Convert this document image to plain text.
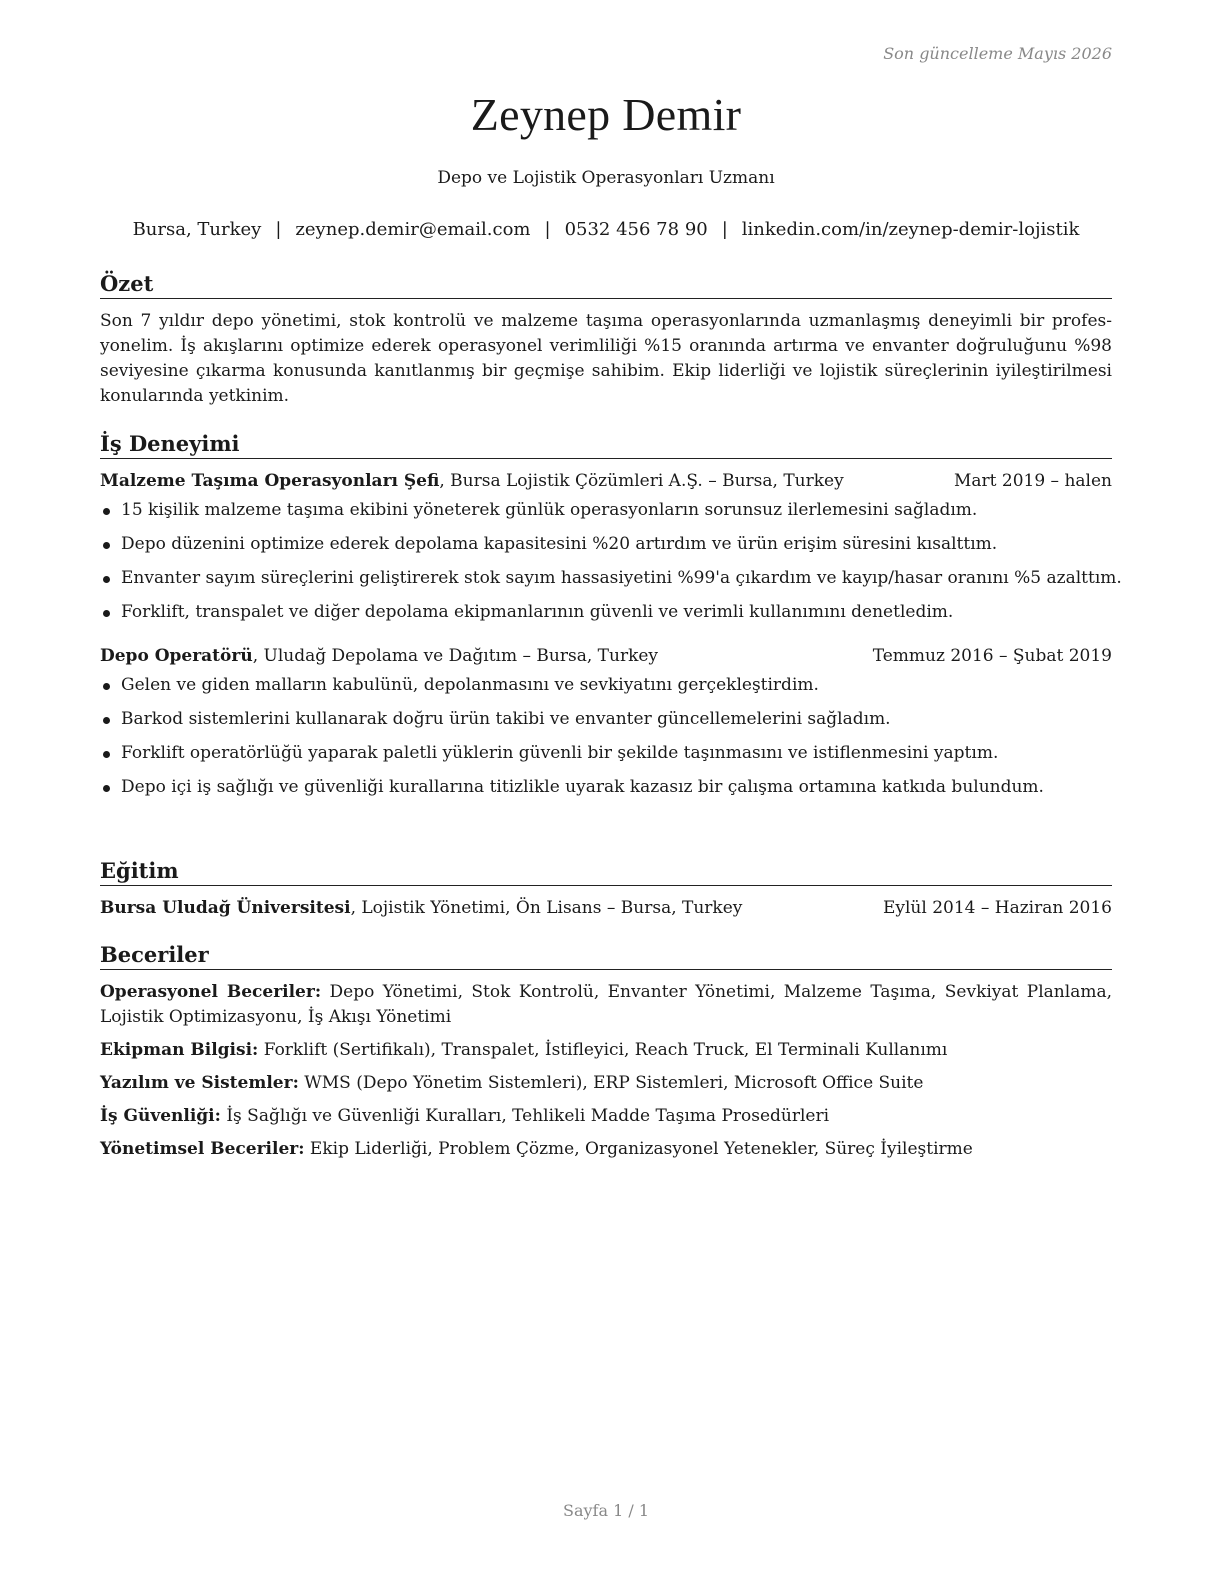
Son güncelleme Mayıs 2026
Zeynep Demir
Depo ve Lojistik Operasyonları Uzmanı
Bursa, Turkey | zeynep.demir@email.com | 0532 456 78 90 | linkedin.com/in/zeynep-demir-lojistik
Özet

Son 7 yıldır depo yönetimi, stok kontrolü ve malzeme taşıma operasyonlarında uzmanlaşmış deneyimli bir profesyonelim. İş akışlarını optimize ederek operasyonel verimliliği %15 oranında artırma ve envanter doğruluğunu %98 seviyesine çıkarma konusunda kanıtlanmış bir geçmişe sahibim. Ekip liderliği ve lojistik süreçlerinin iyileştirilmesi konularında yetkinim.

İş Deneyimi
Malzeme Taşıma Operasyonları Şefi, Bursa Lojistik Çözümleri A.Ş. – Bursa, Turkey	Mart 2019 – halen
15 kişilik malzeme taşıma ekibini yöneterek günlük operasyonların sorunsuz ilerlemesini sağladım.
Depo düzenini optimize ederek depolama kapasitesini %20 artırdım ve ürün erişim süresini kısalttım.
Envanter sayım süreçlerini geliştirerek stok sayım hassasiyetini %99'a çıkardım ve kayıp/hasar oranını %5 azalttım.
Forklift, transpalet ve diğer depolama ekipmanlarının güvenli ve verimli kullanımını denetledim.
Depo Operatörü, Uludağ Depolama ve Dağıtım – Bursa, Turkey	Temmuz 2016 – Şubat 2019
Gelen ve giden malların kabulünü, depolanmasını ve sevkiyatını gerçekleştirdim.
Barkod sistemlerini kullanarak doğru ürün takibi ve envanter güncellemelerini sağladım.
Forklift operatörlüğü yaparak paletli yüklerin güvenli bir şekilde taşınmasını ve istiflenmesini yaptım.
Depo içi iş sağlığı ve güvenliği kurallarına titizlikle uyarak kazasız bir çalışma ortamına katkıda bulundum.
Eğitim
Bursa Uludağ Üniversitesi, Lojistik Yönetimi, Ön Lisans – Bursa, Turkey	Eylül 2014 – Haziran 2016
Beceriler

Operasyonel Beceriler: Depo Yönetimi, Stok Kontrolü, Envanter Yönetimi, Malzeme Taşıma, Sevkiyat Planlama, Lojistik Optimizasyonu, İş Akışı Yönetimi

Ekipman Bilgisi: Forklift (Sertifikalı), Transpalet, İstifleyici, Reach Truck, El Terminali Kullanımı

Yazılım ve Sistemler: WMS (Depo Yönetim Sistemleri), ERP Sistemleri, Microsoft Office Suite

İş Güvenliği: İş Sağlığı ve Güvenliği Kuralları, Tehlikeli Madde Taşıma Prosedürleri

Yönetimsel Beceriler: Ekip Liderliği, Problem Çözme, Organizasyonel Yetenekler, Süreç İyileştirme

Sayfa 1 / 1
